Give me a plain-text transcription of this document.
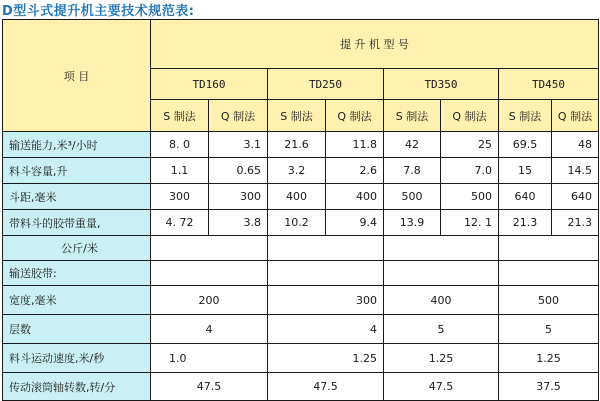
D型斗式提升机主要技术规范表:
项 目	提 升 机 型 号							
	TD160		TD250		TD350		TD450	
	S 制法	Q 制法	S 制法	Q 制法	S 制法	Q 制法	S 制法	Q 制法
输送能力,米³/小时	8. 0	3.1	21.6	11.8	42	25	69.5	48
料斗容量,升	1.1	0.65	3.2	2.6	7.8	7.0	15	14.5
斗距,毫米	300	300	400	400	500	500	640	640
带料斗的胶带重量,	4. 72	3.8	10.2	9.4	13.9	12. 1	21.3	21.3
公斤/米								
输送胶带:								
宽度,毫米	200		300		400		500	
层数	4		4		5		5	
料斗运动速度,米/秒	1.0		1.25		1.25		1.25	
传动滚筒轴转数,转/分	47.5		47.5		47.5		37.5	
